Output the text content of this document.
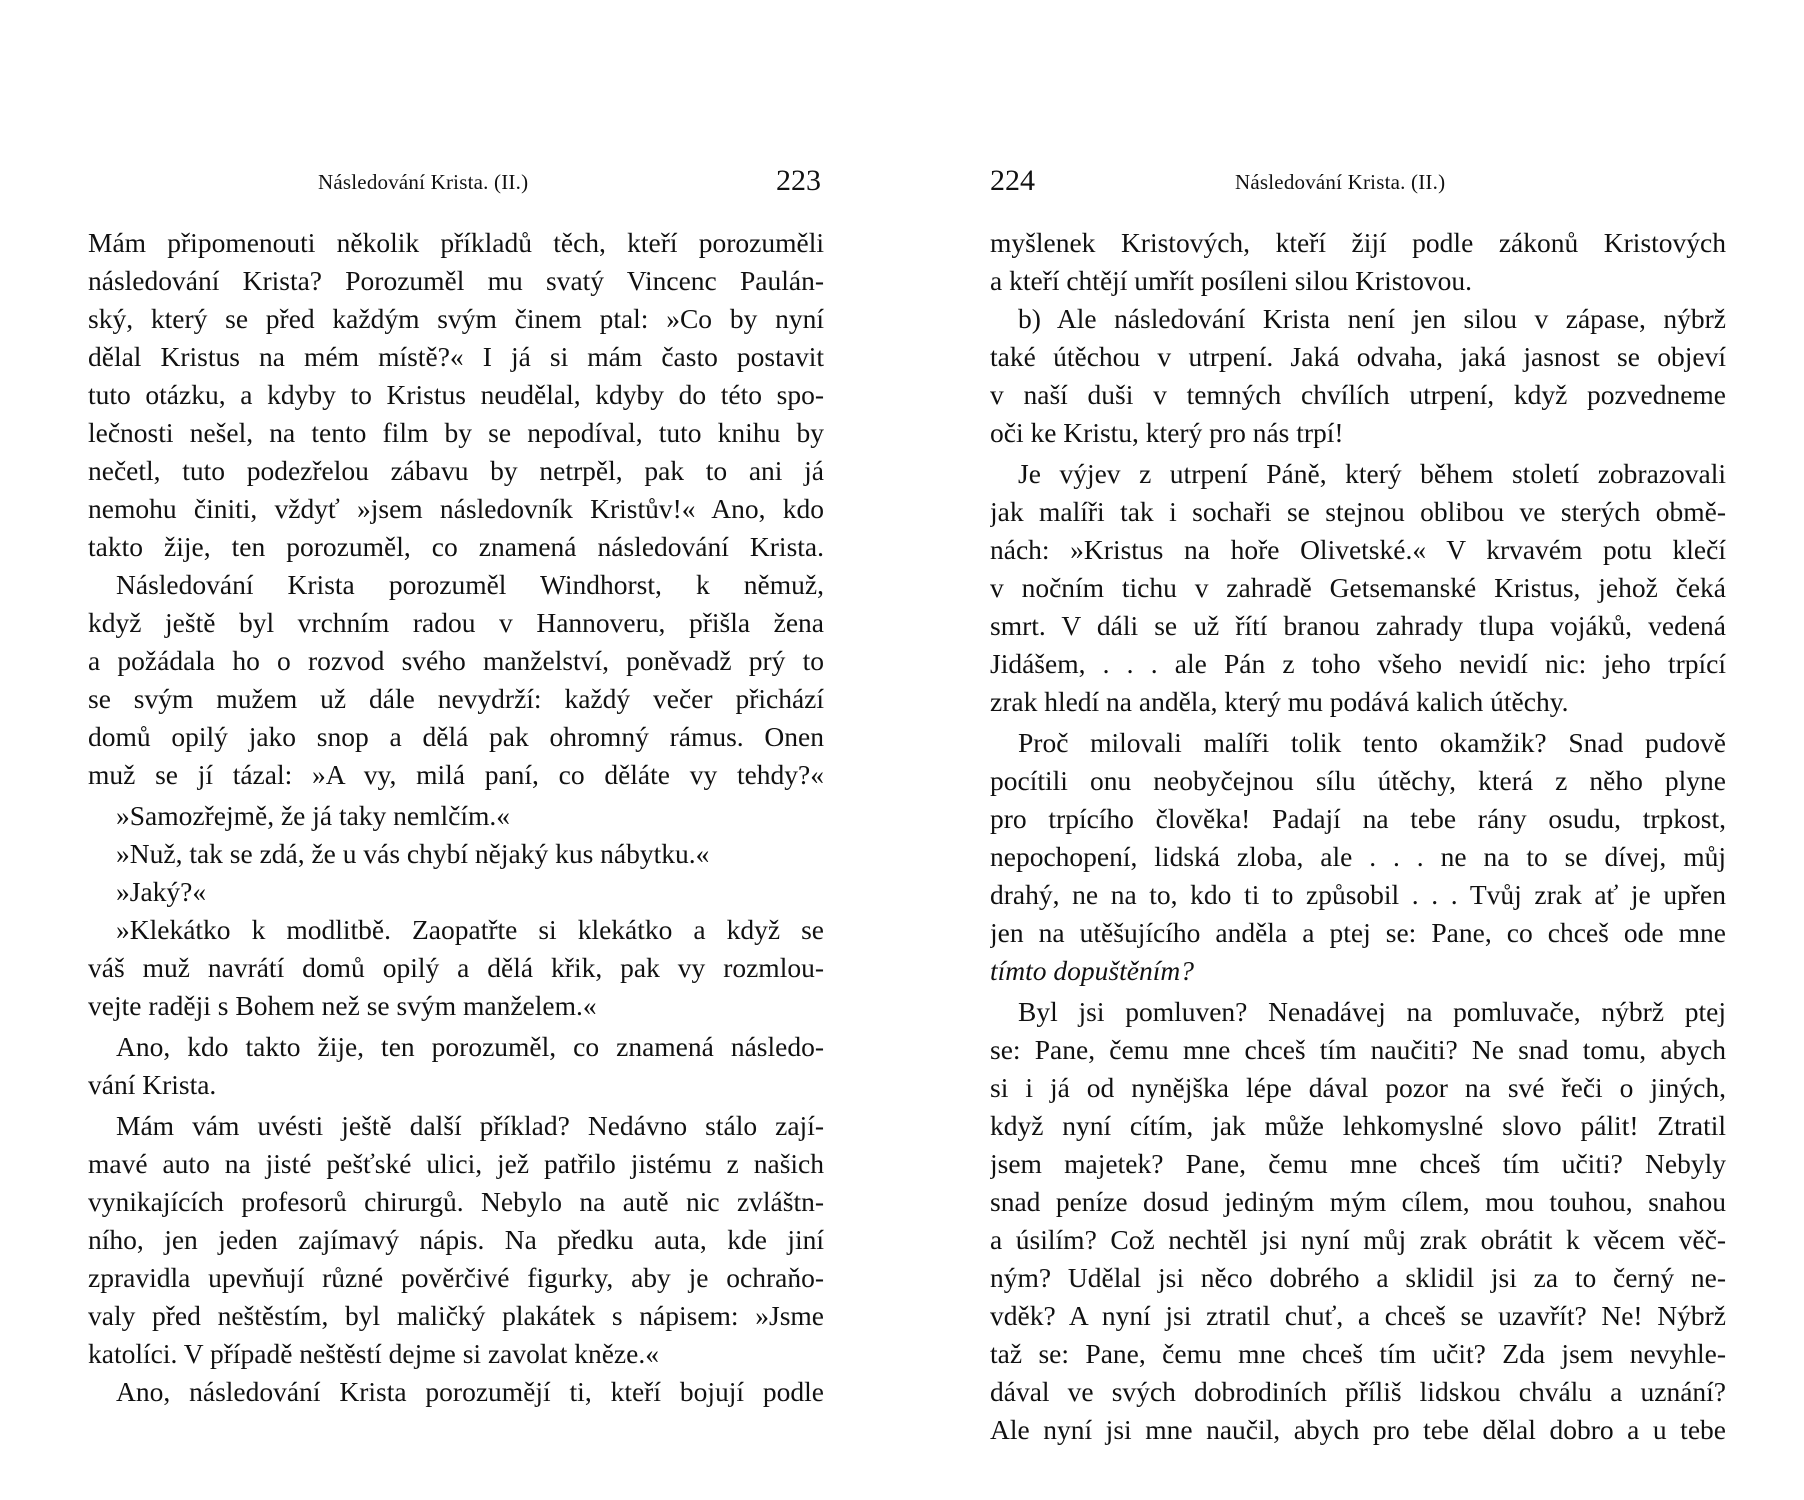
Následování Krista. (II.)	223
Mám připomenouti několik příkladů těch, kteří porozuměli
následování Krista? Porozuměl mu svatý Vincenc Paulán-
ský, který se před každým svým činem ptal: »Co by nyní
dělal Kristus na mém místě?« I já si mám často postavit
tuto otázku, a kdyby to Kristus neudělal, kdyby do této spo-
lečnosti nešel, na tento film by se nepodíval, tuto knihu by
nečetl, tuto podezřelou zábavu by netrpěl, pak to ani já
nemohu činiti, vždyť »jsem následovník Kristův!« Ano, kdo
takto žije, ten porozuměl, co znamená následování Krista.
Následování Krista porozuměl Windhorst, k němuž,
když ještě byl vrchním radou v Hannoveru, přišla žena
a požádala ho o rozvod svého manželství, poněvadž prý to
se svým mužem už dále nevydrží: každý večer přichází
domů opilý jako snop a dělá pak ohromný rámus. Onen
muž se jí tázal: »A vy, milá paní, co děláte vy tehdy?«
»Samozřejmě, že já taky nemlčím.«
»Nuž, tak se zdá, že u vás chybí nějaký kus nábytku.«
»Jaký?«
»Klekátko k modlitbě. Zaopatřte si klekátko a když se
váš muž navrátí domů opilý a dělá křik, pak vy rozmlou-
vejte raději s Bohem než se svým manželem.«
Ano, kdo takto žije, ten porozuměl, co znamená následo-
vání Krista.
Mám vám uvésti ještě další příklad? Nedávno stálo zají-
mavé auto na jisté pešťské ulici, jež patřilo jistému z našich
vynikajících profesorů chirurgů. Nebylo na autě nic zvláštn-
ního, jen jeden zajímavý nápis. Na předku auta, kde jiní
zpravidla upevňují různé pověrčivé figurky, aby je ochraňo-
valy před neštěstím, byl maličký plakátek s nápisem: »Jsme
katolíci. V případě neštěstí dejme si zavolat kněze.«
Ano, následování Krista porozumějí ti, kteří bojují podle
224	Následování Krista. (II.)
myšlenek Kristových, kteří žijí podle zákonů Kristových
a kteří chtějí umřít posíleni silou Kristovou.
b) Ale následování Krista není jen silou v zápase, nýbrž
také útěchou v utrpení. Jaká odvaha, jaká jasnost se objeví
v naší duši v temných chvílích utrpení, když pozvedneme
oči ke Kristu, který pro nás trpí!
Je výjev z utrpení Páně, který během století zobrazovali
jak malíři tak i sochaři se stejnou oblibou ve sterých obmě-
nách: »Kristus na hoře Olivetské.« V krvavém potu klečí
v nočním tichu v zahradě Getsemanské Kristus, jehož čeká
smrt. V dáli se už řítí branou zahrady tlupa vojáků, vedená
Jidášem, . . . ale Pán z toho všeho nevidí nic: jeho trpící
zrak hledí na anděla, který mu podává kalich útěchy.
Proč milovali malíři tolik tento okamžik? Snad pudově
pocítili onu neobyčejnou sílu útěchy, která z něho plyne
pro trpícího člověka! Padají na tebe rány osudu, trpkost,
nepochopení, lidská zloba, ale . . . ne na to se dívej, můj
drahý, ne na to, kdo ti to způsobil . . . Tvůj zrak ať je upřen
jen na utěšujícího anděla a ptej se: Pane, co chceš ode mne
tímto dopuštěním?
Byl jsi pomluven? Nenadávej na pomluvače, nýbrž ptej
se: Pane, čemu mne chceš tím naučiti? Ne snad tomu, abych
si i já od nynějška lépe dával pozor na své řeči o jiných,
když nyní cítím, jak může lehkomyslné slovo pálit! Ztratil
jsem majetek? Pane, čemu mne chceš tím učiti? Nebyly
snad peníze dosud jediným mým cílem, mou touhou, snahou
a úsilím? Což nechtěl jsi nyní můj zrak obrátit k věcem věč-
ným? Udělal jsi něco dobrého a sklidil jsi za to černý ne-
vděk? A nyní jsi ztratil chuť, a chceš se uzavřít? Ne! Nýbrž
taž se: Pane, čemu mne chceš tím učit? Zda jsem nevyhle-
dával ve svých dobrodiních příliš lidskou chválu a uznání?
Ale nyní jsi mne naučil, abych pro tebe dělal dobro a u tebe
